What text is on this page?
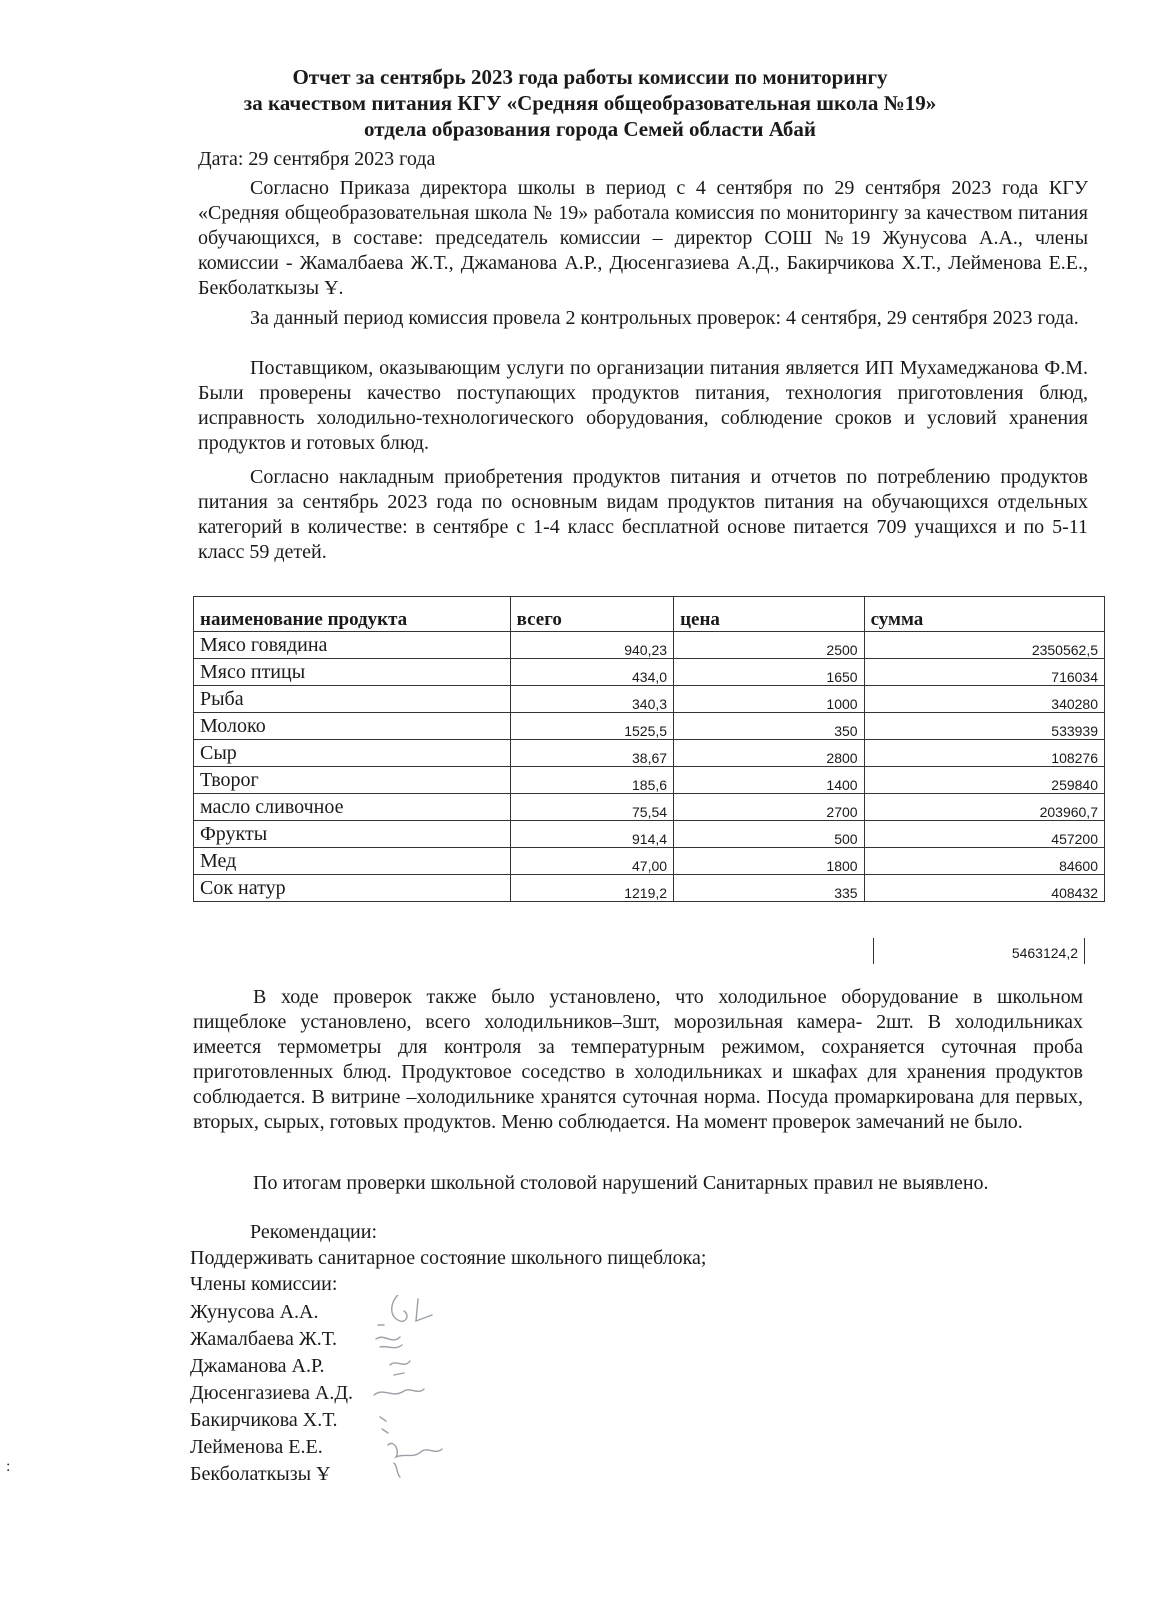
Отчет за сентябрь 2023 года работы комиссии по мониторингу
за качеством питания КГУ «Средняя общеобразовательная школа №19»
отдела образования города Семей области Абай
Дата: 29 сентября 2023 года
Согласно Приказа директора школы в период с 4 сентября по 29 сентября 2023 года КГУ «Средняя общеобразовательная школа № 19» работала комиссия по мониторингу за качеством питания обучающихся, в составе: председатель комиссии – директор СОШ №19 Жунусова А.А., члены комиссии - Жамалбаева Ж.Т., Джаманова А.Р., Дюсенгазиева А.Д., Бакирчикова Х.Т., Лейменова Е.Е., Бекболаткызы Ұ.
За данный период комиссия провела 2 контрольных проверок: 4 сентября, 29 сентября 2023 года.
Поставщиком, оказывающим услуги по организации питания является ИП Мухамеджанова Ф.М. Были проверены качество поступающих продуктов питания, технология приготовления блюд, исправность холодильно-технологического оборудования, соблюдение сроков и условий хранения продуктов и готовых блюд.
Согласно накладным приобретения продуктов питания и отчетов по потреблению продуктов питания за сентябрь 2023 года по основным видам продуктов питания на обучающихся отдельных категорий в количестве: в сентябре с 1-4 класс бесплатной основе питается 709 учащихся и по 5-11 класс 59 детей.
наименование продукта	всего	цена	сумма
Мясо говядина	940,23	2500	2350562,5
Мясо птицы	434,0	1650	716034
Рыба	340,3	1000	340280
Молоко	1525,5	350	533939
Сыр	38,67	2800	108276
Творог	185,6	1400	259840
масло сливочное	75,54	2700	203960,7
Фрукты	914,4	500	457200
Мед	47,00	1800	84600
Сок натур	1219,2	335	408432
5463124,2
В ходе проверок также было установлено, что холодильное оборудование в школьном пищеблоке установлено, всего холодильников–3шт, морозильная камера- 2шт. В холодильниках имеется термометры для контроля за температурным режимом, сохраняется суточная проба приготовленных блюд. Продуктовое соседство в холодильниках и шкафах для хранения продуктов соблюдается. В витрине –холодильнике хранятся суточная норма. Посуда промаркирована для первых, вторых, сырых, готовых продуктов. Меню соблюдается. На момент проверок замечаний не было.
По итогам проверки школьной столовой нарушений Санитарных правил не выявлено.
Рекомендации:
Поддерживать санитарное состояние школьного пищеблока;
Члены комиссии:
Жунусова А.А.
Жамалбаева Ж.Т.
Джаманова А.Р.
Дюсенгазиева А.Д.
Бакирчикова Х.Т.
Лейменова Е.Е.
Бекболаткызы Ұ
:
